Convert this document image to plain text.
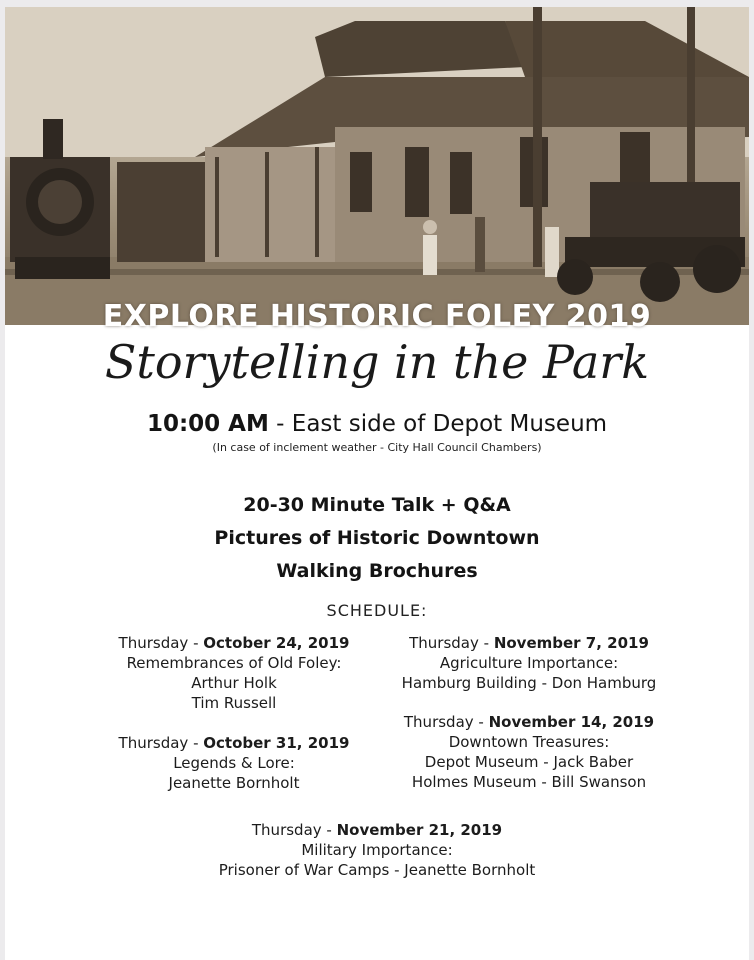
EXPLORE HISTORIC FOLEY 2019
Storytelling in the Park
10:00 AM - East side of Depot Museum
(In case of inclement weather - City Hall Council Chambers)
20-30 Minute Talk + Q&A
Pictures of Historic Downtown
Walking Brochures
SCHEDULE:
Thursday - October 24, 2019
Remembrances of Old Foley:
Arthur Holk
Tim Russell
Thursday - October 31, 2019
Legends & Lore:
Jeanette Bornholt
Thursday - November 7, 2019
Agriculture Importance:
Hamburg Building - Don Hamburg
Thursday - November 14, 2019
Downtown Treasures:
Depot Museum - Jack Baber
Holmes Museum - Bill Swanson
Thursday - November 21, 2019
Military Importance:
Prisoner of War Camps - Jeanette Bornholt
